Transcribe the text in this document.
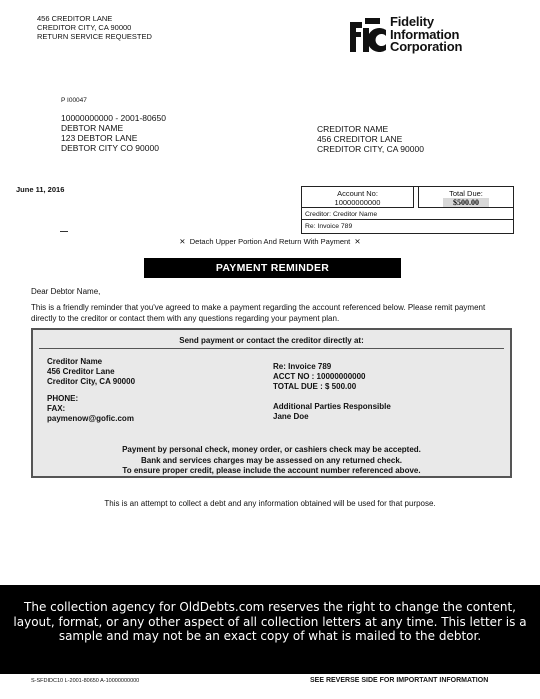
456 CREDITOR LANE
CREDITOR CITY, CA 90000
RETURN SERVICE REQUESTED
Fidelity
Information
Corporation
P I00047
10000000000 - 2001-80650
DEBTOR NAME
123 DEBTOR LANE
DEBTOR CITY CO 90000
CREDITOR NAME
456 CREDITOR LANE
CREDITOR CITY, CA 90000
June 11, 2016	Account No:
10000000000
Total Due:
$500.00
Creditor: Creditor Name
Re: Invoice 789
✕ Detach Upper Portion And Return With Payment ✕
PAYMENT REMINDER
Dear Debtor Name,
This is a friendly reminder that you've agreed to make a payment regarding the account referenced below. Please remit payment
directly to the creditor or contact them with any questions regarding your payment plan.
Send payment or contact the creditor directly at:
Creditor Name
456 Creditor Lane
Creditor City, CA 90000
PHONE:
FAX:
paymenow@gofic.com
Re: Invoice 789
ACCT NO : 10000000000
TOTAL DUE : $ 500.00
Additional Parties Responsible
Jane Doe
Payment by personal check, money order, or cashiers check may be accepted.
Bank and services charges may be assessed on any returned check.
To ensure proper credit, please include the account number referenced above.
This is an attempt to collect a debt and any information obtained will be used for that purpose.
The collection agency for OldDebts.com reserves the right to change the content,
layout, format, or any other aspect of all collection letters at any time. This letter is a
sample and may not be an exact copy of what is mailed to the debtor.
S-SFDIDC10 L-2001-80650 A-10000000000	SEE REVERSE SIDE FOR IMPORTANT INFORMATION
